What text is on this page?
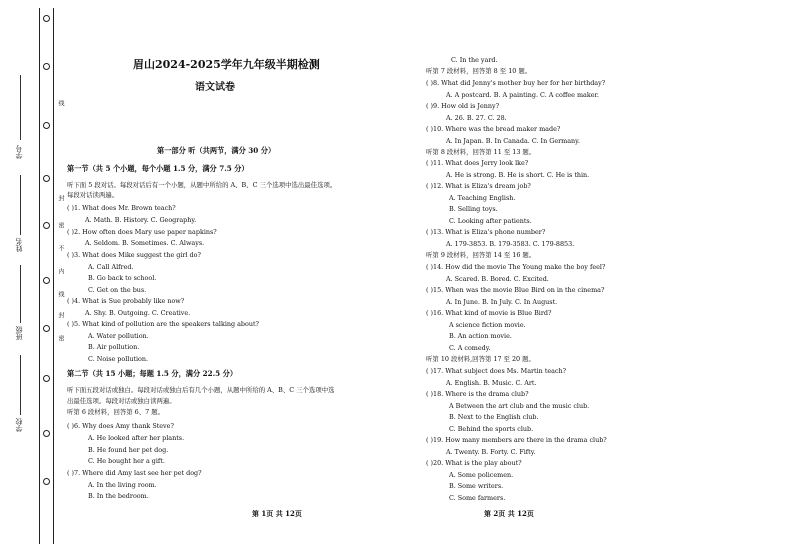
学号
姓名
班级
学校
线
封
密
不
内
线
封
密
眉山2024-2025学年九年级半期检测
语文试卷
第一部分 听（共两节，满分 30 分）
第一节（共 5 个小题，每个小题 1.5 分，满分 7.5 分）
听下面 5 段对话。每段对话后有一个小题，从题中所给的 A、B、C 三个选项中选出最佳选项。
每段对话读两遍。
( )1. What does Mr. Brown teach?
A. Math. B. History. C. Geography.
( )2. How often does Mary use paper napkins?
A. Seldom. B. Sometimes. C. Always.
( )3. What does Mike suggest the girl do?
A. Call Alfred.
B. Go back to school.
C. Get on the bus.
( )4. What is Sue probably like now?
A. Shy. B. Outgoing. C. Creative.
( )5. What kind of pollution are the speakers talking about?
A. Water pollution.
B. Air pollution.
C. Noise pollution.
第二节（共 15 小题；每题 1.5 分，满分 22.5 分）
听下面五段对话或独白。每段对话或独白后有几个小题，从题中所给的 A、B、C 三个选项中选
出最佳选项。每段对话或独白读两遍。
听第 6 段材料，回答第 6、7 题。
( )6. Why does Amy thank Steve?
A. He looked after her plants.
B. He found her pet dog.
C. He bought her a gift.
( )7. Where did Amy last see her pet dog?
A. In the living room.
B. In the bedroom.
C. In the yard.
听第 7 段材料，回答第 8 至 10 题。
( )8. What did Jenny's mother buy her for her birthday?
A. A postcard. B. A painting. C. A coffee maker.
( )9. How old is Jenny?
A. 26. B. 27. C. 28.
( )10. Where was the bread maker made?
A. In Japan. B. In Canada. C. In Germany.
听第 8 段材料，回答第 11 至 13 题。
( )11. What does Jerry look lke?
A. He is strong. B. He is short. C. He is thin.
( )12. What is Eliza's dream job?
A. Teaching English.
B. Selling toys.
C. Looking after patients.
( )13. What is Eliza's phone number?
A. 179-3853. B. 179-3583. C. 179-8853.
听第 9 段材料，回答第 14 至 16 题。
( )14. How did the movie The Young make the boy feel?
A. Scared. B. Bored. C. Excited.
( )15. When was the movie Blue Bird on in the cinema?
A. In June. B. In July. C. In August.
( )16. What kind of movie is Blue Bird?
A science fiction movie.
B. An action movie.
C. A comedy.
听第 10 段材料,回答第 17 至 20 题。
( )17. What subject does Ms. Martin teach?
A. English. B. Music. C. Art.
( )18. Where is the drama club?
A Between the art club and the music club.
B. Next to the English club.
C. Behind the sports club.
( )19. How many members are there in the drama club?
A. Twenty. B. Forty. C. Fifty.
( )20. What is the play about?
A. Some policemen.
B. Some writers.
C. Some farmers.
第 1页 共 12页	第 2页 共 12页
